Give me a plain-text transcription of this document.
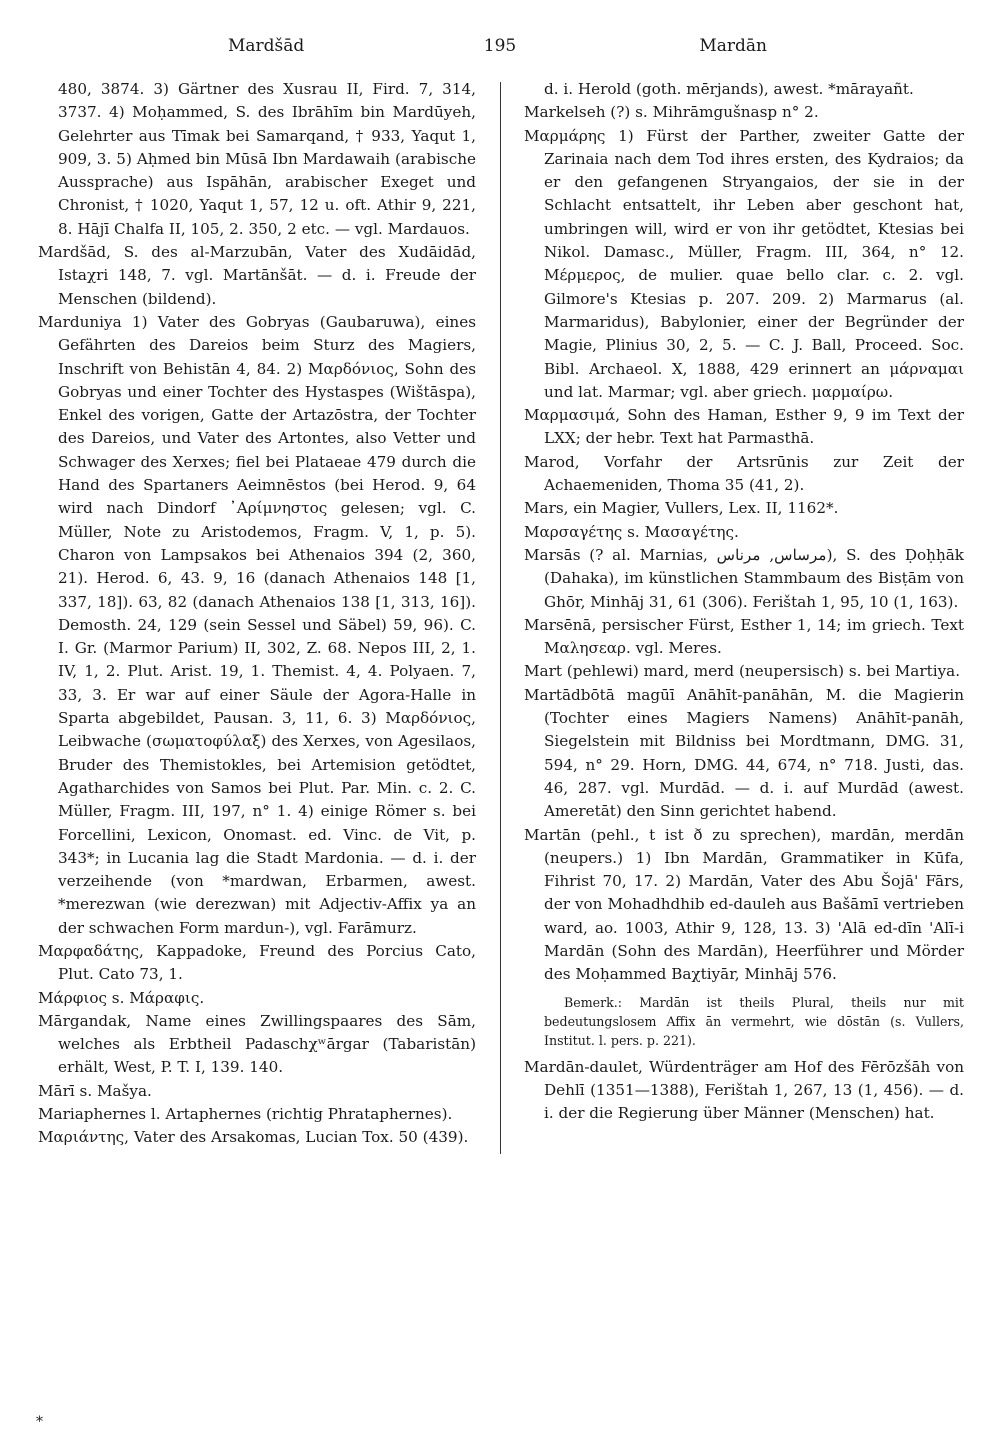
Mardšād	195	Mardān

480, 3874. 3) Gärtner des Xusrau II, Fird. 7, 314, 3737. 4) Moḥammed, S. des Ibrāhīm bin Mardūyeh, Gelehrter aus Tīmak bei Samarqand, † 933, Yaqut 1, 909, 3. 5) Aḥmed bin Mūsā Ibn Mardawaih (arabische Aussprache) aus Ispāhān, arabischer Exeget und Chronist, † 1020, Yaqut 1, 57, 12 u. oft. Athir 9, 221, 8. Hājī Chalfa II, 105, 2. 350, 2 etc. — vgl. Mardauos.

Mardšād, S. des al-Marzubān, Vater des Xudāidād, Istaχri 148, 7. vgl. Martānšāt. — d. i. Freude der Menschen (bildend).

Marduniya 1) Vater des Gobryas (Gaubaruwa), eines Gefährten des Dareios beim Sturz des Magiers, Inschrift von Behistān 4, 84. 2) Μαρδόνιος, Sohn des Gobryas und einer Tochter des Hystaspes (Wištāspa), Enkel des vorigen, Gatte der Artazōstra, der Tochter des Dareios, und Vater des Artontes, also Vetter und Schwager des Xerxes; fiel bei Plataeae 479 durch die Hand des Spartaners Aeimnēstos (bei Herod. 9, 64 wird nach Dindorf ᾿Αρίμνηστος gelesen; vgl. C. Müller, Note zu Aristodemos, Fragm. V, 1, p. 5). Charon von Lampsakos bei Athenaios 394 (2, 360, 21). Herod. 6, 43. 9, 16 (danach Athenaios 148 [1, 337, 18]). 63, 82 (danach Athenaios 138 [1, 313, 16]). Demosth. 24, 129 (sein Sessel und Säbel) 59, 96). C. I. Gr. (Marmor Parium) II, 302, Z. 68. Nepos III, 2, 1. IV, 1, 2. Plut. Arist. 19, 1. Themist. 4, 4. Polyaen. 7, 33, 3. Er war auf einer Säule der Agora-Halle in Sparta abgebildet, Pausan. 3, 11, 6. 3) Μαρδόνιος, Leibwache (σωματοφύλαξ) des Xerxes, von Agesilaos, Bruder des Themistokles, bei Artemision getödtet, Agatharchides von Samos bei Plut. Par. Min. c. 2. C. Müller, Fragm. III, 197, n° 1. 4) einige Römer s. bei Forcellini, Lexicon, Onomast. ed. Vinc. de Vit, p. 343*; in Lucania lag die Stadt Mardonia. — d. i. der verzeihende (von *mardwan, Erbarmen, awest. *merezwan (wie derezwan) mit Adjectiv-Affix ya an der schwachen Form mardun-), vgl. Farāmurz.

Μαρφαδάτης, Kappadoke, Freund des Porcius Cato, Plut. Cato 73, 1.

Μάρφιος s. Μάραφις.

Mārgandak, Name eines Zwillingspaares des Sām, welches als Erbtheil Padaschχʷārgar (Tabaristān) erhält, West, P. T. I, 139. 140.

Mārī s. Mašya.

Mariaphernes l. Artaphernes (richtig Phrataphernes).

Μαριάντης, Vater des Arsakomas, Lucian Tox. 50 (439).

d. i. Herold (goth. mērjands), awest. *mārayañt.

Markelseh (?) s. Mihrāmgušnasp n° 2.

Μαρμάρης 1) Fürst der Parther, zweiter Gatte der Zarinaia nach dem Tod ihres ersten, des Kydraios; da er den gefangenen Stryangaios, der sie in der Schlacht entsattelt, ihr Leben aber geschont hat, umbringen will, wird er von ihr getödtet, Ktesias bei Nikol. Damasc., Müller, Fragm. III, 364, n° 12. Μέρμερος, de mulier. quae bello clar. c. 2. vgl. Gilmore's Ktesias p. 207. 209. 2) Marmarus (al. Marmaridus), Babylonier, einer der Begründer der Magie, Plinius 30, 2, 5. — C. J. Ball, Proceed. Soc. Bibl. Archaeol. X, 1888, 429 erinnert an μάρναμαι und lat. Marmar; vgl. aber griech. μαρμαίρω.

Μαρμασιμά, Sohn des Haman, Esther 9, 9 im Text der LXX; der hebr. Text hat Parmasthā.

Marod, Vorfahr der Artsrūnis zur Zeit der Achaemeniden, Thoma 35 (41, 2).

Mars, ein Magier, Vullers, Lex. II, 1162*.

Μαρσαγέτης s. Μασαγέτης.

Marsās (? al. Marnias, مرساس, مرناس), S. des Ḍoḥḥāk (Dahaka), im künstlichen Stammbaum des Bisṭām von Ghōr, Minhāj 31, 61 (306). Ferištah 1, 95, 10 (1, 163).

Marsēnā, persischer Fürst, Esther 1, 14; im griech. Text Μαλησεαρ. vgl. Meres.

Mart (pehlewi) mard, merd (neupersisch) s. bei Martiya.

Martādbōtā magūī Anāhīt-panāhān, M. die Magierin (Tochter eines Magiers Namens) Anāhīt-panāh, Siegelstein mit Bildniss bei Mordtmann, DMG. 31, 594, n° 29. Horn, DMG. 44, 674, n° 718. Justi, das. 46, 287. vgl. Murdād. — d. i. auf Murdād (awest. Ameretāt) den Sinn gerichtet habend.

Martān (pehl., t ist ð zu sprechen), mardān, merdān (neupers.) 1) Ibn Mardān, Grammatiker in Kūfa, Fihrist 70, 17. 2) Mardān, Vater des Abu Šojā' Fārs, der von Mohadhdhib ed-dauleh aus Bašāmī vertrieben ward, ao. 1003, Athir 9, 128, 13. 3) 'Alā ed-dīn 'Alī-i Mardān (Sohn des Mardān), Heerführer und Mörder des Moḥammed Baχtiyār, Minhāj 576.

Bemerk.: Mardān ist theils Plural, theils nur mit bedeutungslosem Affix ān vermehrt, wie dōstān (s. Vullers, Institut. l. pers. p. 221).

Mardān-daulet, Würdenträger am Hof des Fērōzšāh von Dehlī (1351—1388), Ferištah 1, 267, 13 (1, 456). — d. i. der die Regierung über Männer (Menschen) hat.

*
